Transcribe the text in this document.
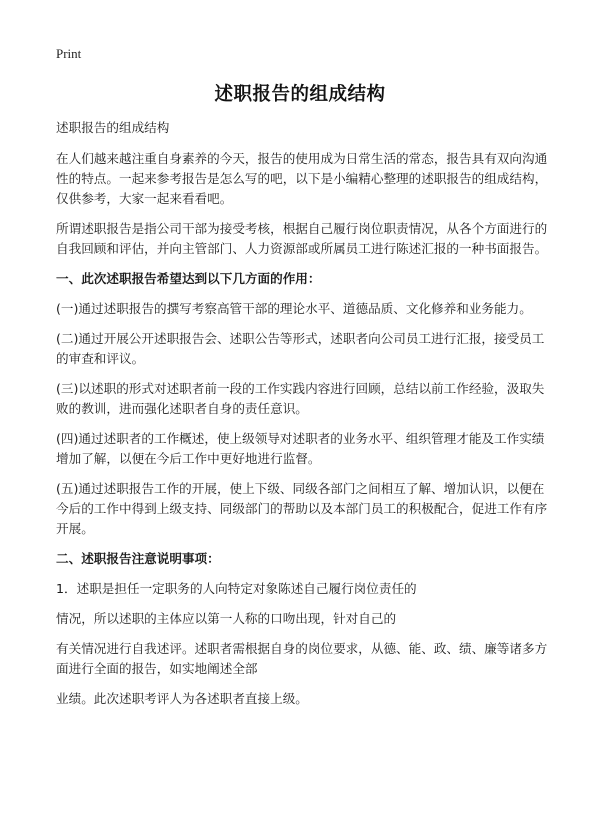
Print
述职报告的组成结构

述职报告的组成结构

在人们越来越注重自身素养的今天，报告的使用成为日常生活的常态，报告具有双向沟通性的特点。一起来参考报告是怎么写的吧，以下是小编精心整理的述职报告的组成结构，仅供参考，大家一起来看看吧。

所谓述职报告是指公司干部为接受考核，根据自己履行岗位职责情况，从各个方面进行的自我回顾和评估，并向主管部门、人力资源部或所属员工进行陈述汇报的一种书面报告。

一、此次述职报告希望达到以下几方面的作用：

(一)通过述职报告的撰写考察高管干部的理论水平、道德品质、文化修养和业务能力。

(二)通过开展公开述职报告会、述职公告等形式，述职者向公司员工进行汇报，接受员工的审查和评议。

(三)以述职的形式对述职者前一段的工作实践内容进行回顾，总结以前工作经验，汲取失败的教训，进而强化述职者自身的责任意识。

(四)通过述职者的工作概述，使上级领导对述职者的业务水平、组织管理才能及工作实绩增加了解，以便在今后工作中更好地进行监督。

(五)通过述职报告工作的开展，使上下级、同级各部门之间相互了解、增加认识，以便在今后的工作中得到上级支持、同级部门的帮助以及本部门员工的积极配合，促进工作有序开展。

二、述职报告注意说明事项：

1．述职是担任一定职务的人向特定对象陈述自己履行岗位责任的

情况，所以述职的主体应以第一人称的口吻出现，针对自己的

有关情况进行自我述评。述职者需根据自身的岗位要求，从德、能、政、绩、廉等诸多方面进行全面的报告，如实地阐述全部

业绩。此次述职考评人为各述职者直接上级。
